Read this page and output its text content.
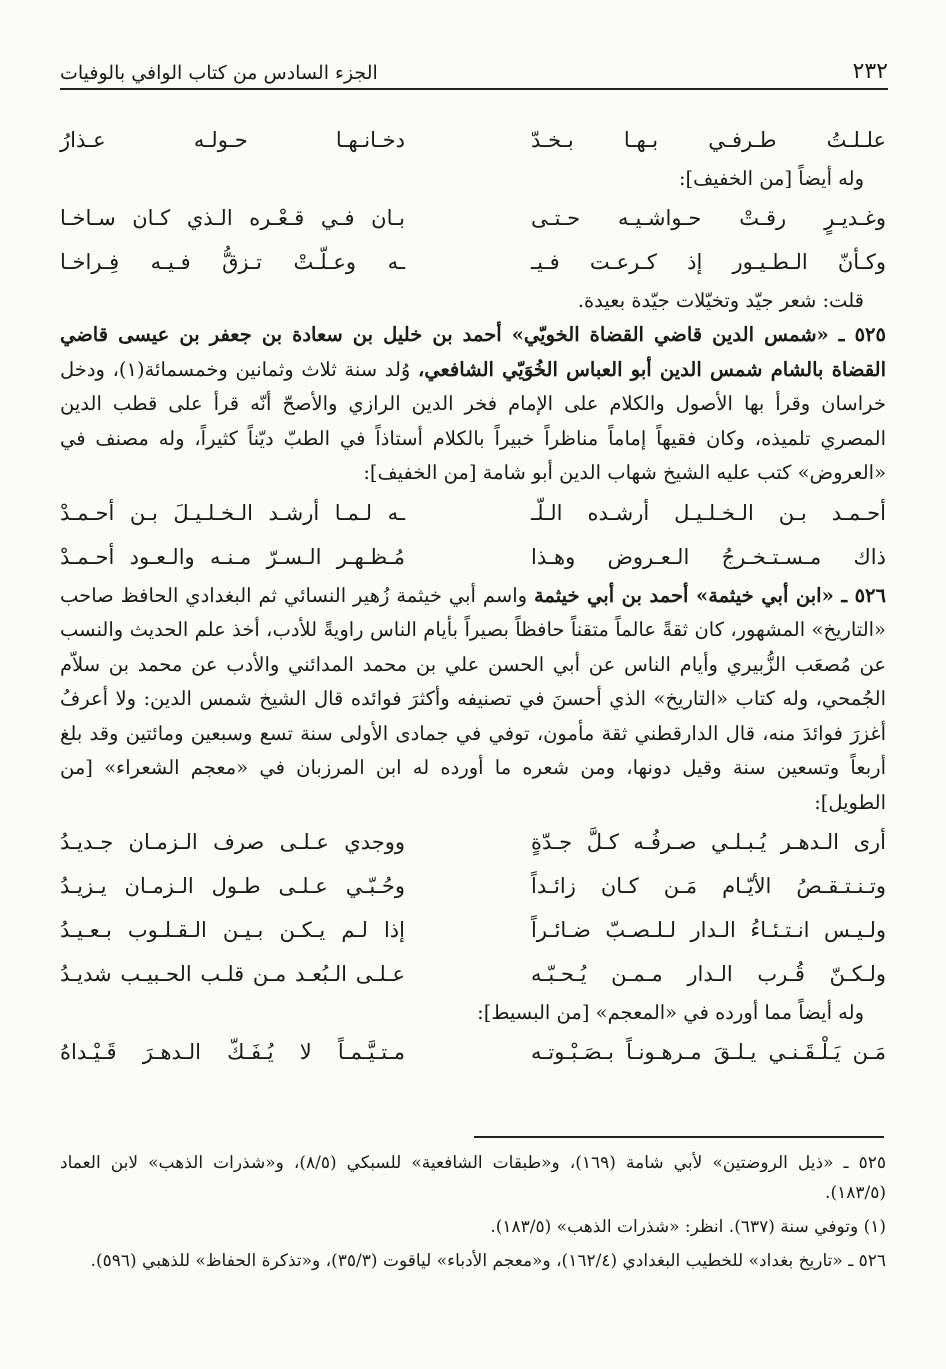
٢٣٢
الجزء السادس من كتاب الوافي بالوفيات
علـلـتُ طـرفـي بـهـا بـخـدّ
دخـانـهـا حـولـه عـذارُ
وله أيضاً [من الخفيف]:
وغـديـرٍ رقـتْ حـواشـيـه حـتـى
بـان فـي قـعْـره الـذي كـان سـاخـا
وكـأنّ الـطـيـور إذ كـرعـت فـيـ
ـه وعـلّـتْ تـزقُّ فـيـه فِـراخـا
قلت: شعر جيّد وتخيّلات جيّدة بعيدة.

٥٢٥ ـ «شمس الدين قاضي القضاة الخويّي» أحمد بن خليل بن سعادة بن جعفر بن عيسى قاضي القضاة بالشام شمس الدين أبو العباس الخُوَيّي الشافعي، وُلد سنة ثلاث وثمانين وخمسمائة(١)، ودخل خراسان وقرأ بها الأصول والكلام على الإمام فخر الدين الرازي والأصحّ أنّه قرأ على قطب الدين المصري تلميذه، وكان فقيهاً إماماً مناظراً خبيراً بالكلام أستاذاً في الطبّ ديّناً كثيراً، وله مصنف في «العروض» كتب عليه الشيخ شهاب الدين أبو شامة [من الخفيف]:

أحـمـد بـن الـخـلـيـل أرشـده الـلّـ
ـه لـمـا أرشـد الـخـلـيـلَ بـن أحـمـدْ
ذاك مـسـتـخـرجُ الـعـروض وهـذا
مُـظـهـر الـسـرّ مـنـه والـعـود أحـمـدْ

٥٢٦ ـ «ابن أبي خيثمة» أحمد بن أبي خيثمة واسم أبي خيثمة زُهير النسائي ثم البغدادي الحافظ صاحب «التاريخ» المشهور، كان ثقةً عالماً متقناً حافظاً بصيراً بأيام الناس راويةً للأدب، أخذ علم الحديث والنسب عن مُصعَب الزُّبيري وأيام الناس عن أبي الحسن علي بن محمد المدائني والأدب عن محمد بن سلاّم الجُمحي، وله كتاب «التاريخ» الذي أحسنَ في تصنيفه وأكثرَ فوائده قال الشيخ شمس الدين: ولا أعرفُ أغزرَ فوائدَ منه، قال الدارقطني ثقة مأمون، توفي في جمادى الأولى سنة تسع وسبعين ومائتين وقد بلغ أربعاً وتسعين سنة وقيل دونها، ومن شعره ما أورده له ابن المرزبان في «معجم الشعراء» [من الطويل]:

أرى الـدهـر يُـبـلـي صـرفُـه كـلَّ جـدّةٍ
ووجدي عـلـى صرف الـزمـان جـديـدُ
وتـنـتـقـصُ الأيّـام مَـن كـان زائـداً
وحُـبّـي عـلـى طـول الـزمـان يـزيـدُ
ولـيـس انـتـئـاءُ الـدار لـلـصـبّ ضـائـراً
إذا لـم يـكـن بـيـن الـقـلـوب بـعـيـدُ
ولـكـنّ قُـرب الـدار مـمـن يُـحـبّـه
عـلـى الـبُعـد مـن قلـب الحـبيـب شديـدُ
وله أيضاً مما أورده في «المعجم» [من البسيط]:
مَـن يَـلْـقَـنـي يـلـقَ مـرهـونـاً بـصَـبْـوتـه
مـتـيَّـمـاً لا يُـفَـكّ الـدهـرَ قَـيْـداهُ

٥٢٥ ـ «ذيل الروضتين» لأبي شامة (١٦٩)، و«طبقات الشافعية» للسبكي (٨/٥)، و«شذرات الذهب» لابن العماد (١٨٣/٥).

(١) وتوفي سنة (٦٣٧). انظر: «شذرات الذهب» (١٨٣/٥).

٥٢٦ ـ «تاريخ بغداد» للخطيب البغدادي (١٦٢/٤)، و«معجم الأدباء» لياقوت (٣٥/٣)، و«تذكرة الحفاظ» للذهبي (٥٩٦).
